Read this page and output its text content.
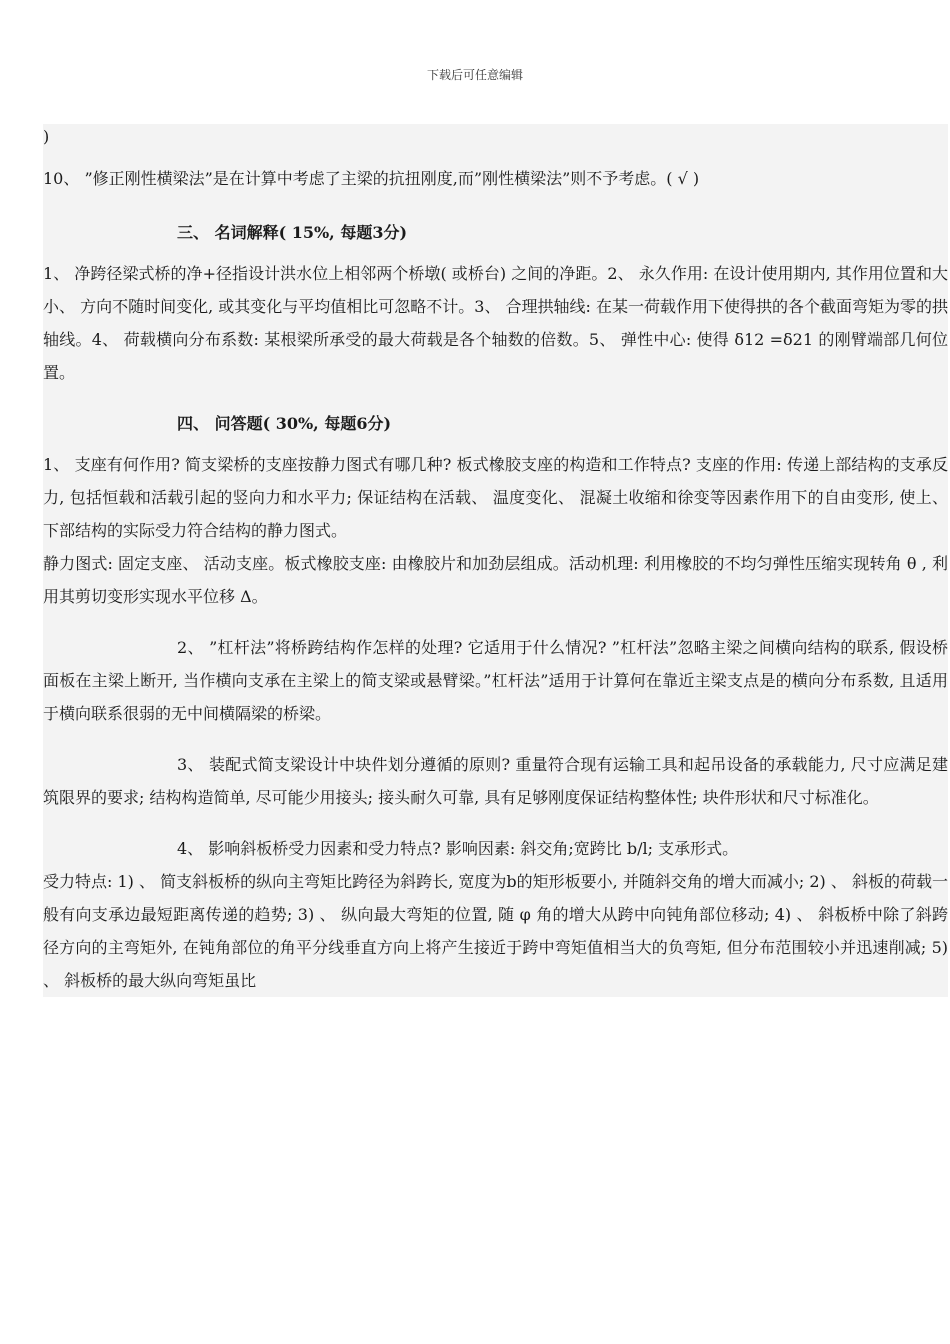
下载后可任意编辑

)

10、 ”修正刚性横梁法”是在计算中考虑了主梁的抗扭刚度,而”刚性横梁法”则不予考虑。( √ )

三、 名词解释( 15%, 每题3分)

1、 净跨径梁式桥的净+径指设计洪水位上相邻两个桥墩( 或桥台) 之间的净距。2、 永久作用: 在设计使用期内, 其作用位置和大小、 方向不随时间变化, 或其变化与平均值相比可忽略不计。3、 合理拱轴线: 在某一荷载作用下使得拱的各个截面弯矩为零的拱轴线。4、 荷载横向分布系数: 某根梁所承受的最大荷载是各个轴数的倍数。5、 弹性中心: 使得 δ12 =δ21 的刚臂端部几何位置。

四、 问答题( 30%, 每题6分)

1、 支座有何作用? 简支梁桥的支座按静力图式有哪几种? 板式橡胶支座的构造和工作特点? 支座的作用: 传递上部结构的支承反力, 包括恒载和活载引起的竖向力和水平力; 保证结构在活载、 温度变化、 混凝土收缩和徐变等因素作用下的自由变形, 使上、 下部结构的实际受力符合结构的静力图式。

静力图式: 固定支座、 活动支座。板式橡胶支座: 由橡胶片和加劲层组成。活动机理: 利用橡胶的不均匀弹性压缩实现转角 θ , 利用其剪切变形实现水平位移 Δ。

2、 ”杠杆法”将桥跨结构作怎样的处理? 它适用于什么情况? ”杠杆法”忽略主梁之间横向结构的联系, 假设桥面板在主梁上断开, 当作横向支承在主梁上的简支梁或悬臂梁。”杠杆法”适用于计算何在靠近主梁支点是的横向分布系数, 且适用于横向联系很弱的无中间横隔梁的桥梁。

3、 装配式简支梁设计中块件划分遵循的原则? 重量符合现有运输工具和起吊设备的承载能力, 尺寸应满足建筑限界的要求; 结构构造简单, 尽可能少用接头; 接头耐久可靠, 具有足够刚度保证结构整体性; 块件形状和尺寸标准化。

4、 影响斜板桥受力因素和受力特点? 影响因素: 斜交角;宽跨比 b/l; 支承形式。

受力特点: 1) 、 简支斜板桥的纵向主弯矩比跨径为斜跨长, 宽度为b的矩形板要小, 并随斜交角的增大而减小; 2) 、 斜板的荷载一般有向支承边最短距离传递的趋势; 3) 、 纵向最大弯矩的位置, 随 φ 角的增大从跨中向钝角部位移动; 4) 、 斜板桥中除了斜跨径方向的主弯矩外, 在钝角部位的角平分线垂直方向上将产生接近于跨中弯矩值相当大的负弯矩, 但分布范围较小并迅速削减; 5) 、 斜板桥的最大纵向弯矩虽比
